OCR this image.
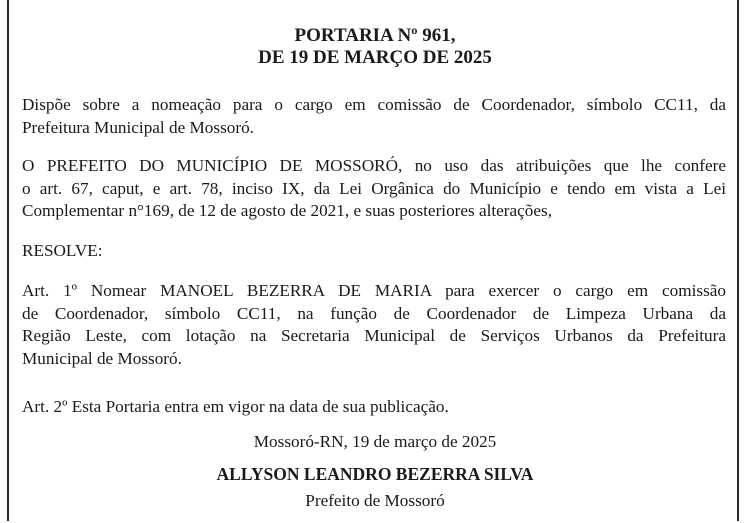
PORTARIA Nº 961,
DE 19 DE MARÇO DE 2025
Dispõe sobre a nomeação para o cargo em comissão de Coordenador, símbolo CC11, da
Prefeitura Municipal de Mossoró.
O PREFEITO DO MUNICÍPIO DE MOSSORÓ, no uso das atribuições que lhe confere
o art. 67, caput, e art. 78, inciso IX, da Lei Orgânica do Município e tendo em vista a Lei
Complementar n°169, de 12 de agosto de 2021, e suas posteriores alterações,
RESOLVE:
Art. 1º Nomear MANOEL BEZERRA DE MARIA para exercer o cargo em comissão
de Coordenador, símbolo CC11, na função de Coordenador de Limpeza Urbana da
Região Leste, com lotação na Secretaria Municipal de Serviços Urbanos da Prefeitura
Municipal de Mossoró.
Art. 2º Esta Portaria entra em vigor na data de sua publicação.
Mossoró-RN, 19 de março de 2025
ALLYSON LEANDRO BEZERRA SILVA
Prefeito de Mossoró
